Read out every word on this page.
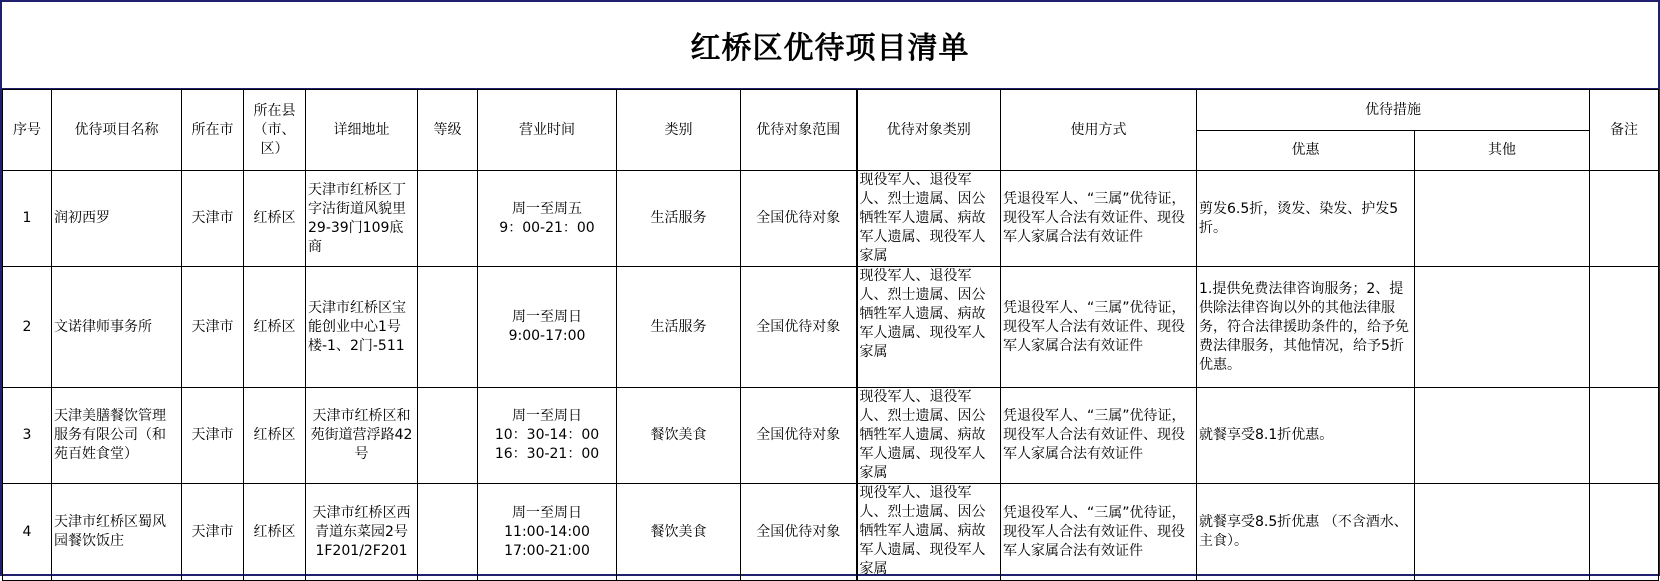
红桥区优待项目清单
序号	优待项目名称	所在市	所在县（市、区）	详细地址	等级	营业时间	类别	优待对象范围	优待对象类别	使用方式	优待措施		备注
											优惠	其他	
1	润初西罗	天津市	红桥区	天津市红桥区丁字沽街道风貌里29-39门109底商		周一至周五
9：00-21：00	生活服务	全国优待对象	现役军人、退役军人、烈士遗属、因公牺牲军人遗属、病故军人遗属、现役军人家属	凭退役军人、“三属”优待证，现役军人合法有效证件、现役军人家属合法有效证件	剪发6.5折，烫发、染发、护发5折。		
2	文诺律师事务所	天津市	红桥区	天津市红桥区宝能创业中心1号楼-1、2门-511		周一至周日
9:00-17:00	生活服务	全国优待对象	现役军人、退役军人、烈士遗属、因公牺牲军人遗属、病故军人遗属、现役军人家属	凭退役军人、“三属”优待证，现役军人合法有效证件、现役军人家属合法有效证件	1.提供免费法律咨询服务；2、提供除法律咨询以外的其他法律服务，符合法律援助条件的，给予免费法律服务，其他情况，给予5折优惠。		
3	天津美膳餐饮管理服务有限公司（和苑百姓食堂）	天津市	红桥区	天津市红桥区和苑街道营浮路42号		周一至周日
10：30-14：00
16：30-21：00	餐饮美食	全国优待对象	现役军人、退役军人、烈士遗属、因公牺牲军人遗属、病故军人遗属、现役军人家属	凭退役军人、“三属”优待证，现役军人合法有效证件、现役军人家属合法有效证件	就餐享受8.1折优惠。		
4	天津市红桥区蜀风园餐饮饭庄	天津市	红桥区	天津市红桥区西青道东菜园2号1F201/2F201		周一至周日
11:00-14:00
17:00-21:00	餐饮美食	全国优待对象	现役军人、退役军人、烈士遗属、因公牺牲军人遗属、病故军人遗属、现役军人家属	凭退役军人、“三属”优待证，现役军人合法有效证件、现役军人家属合法有效证件	就餐享受8.5折优惠 （不含酒水、主食）。		
